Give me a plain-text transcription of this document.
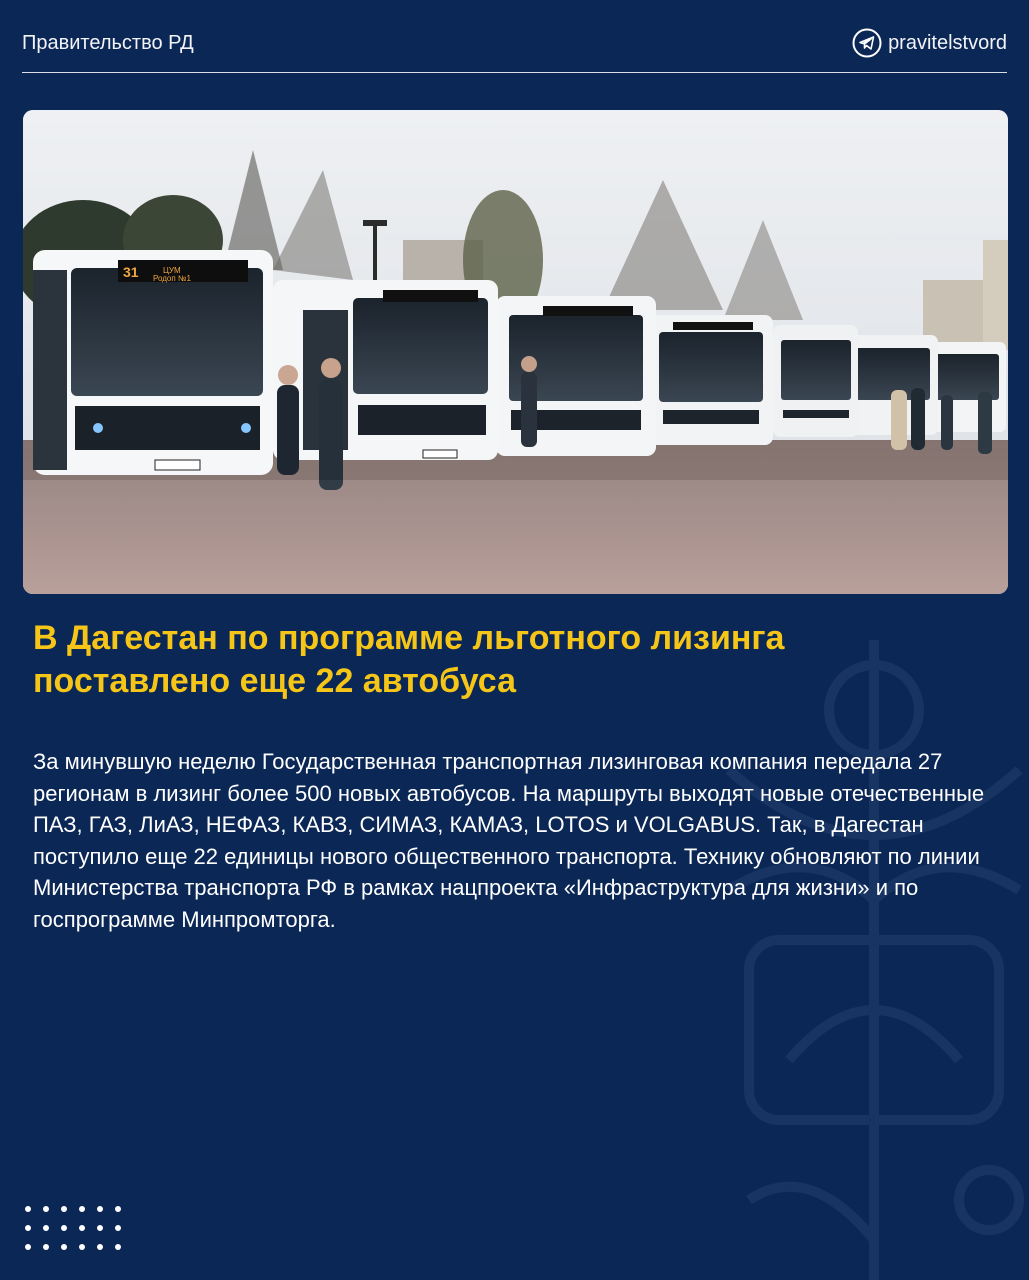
Правительство РД	pravitelstvord
31	ЦУМ
Родоп №1
В Дагестан по программе льготного лизинга
поставлено еще 22 автобуса

За минувшую неделю Государственная транспортная лизинговая компания передала 27 регионам в лизинг более 500 новых автобусов. На маршруты выходят новые отечественные ПАЗ, ГАЗ, ЛиАЗ, НЕФАЗ, КАВЗ, СИМАЗ, КАМАЗ, LOTOS и VOLGABUS. Так, в Дагестан поступило еще 22 единицы нового общественного транспорта. Технику обновляют по линии Министерства транспорта РФ в рамках нацпроекта «Инфраструктура для жизни» и по госпрограмме Минпромторга.
